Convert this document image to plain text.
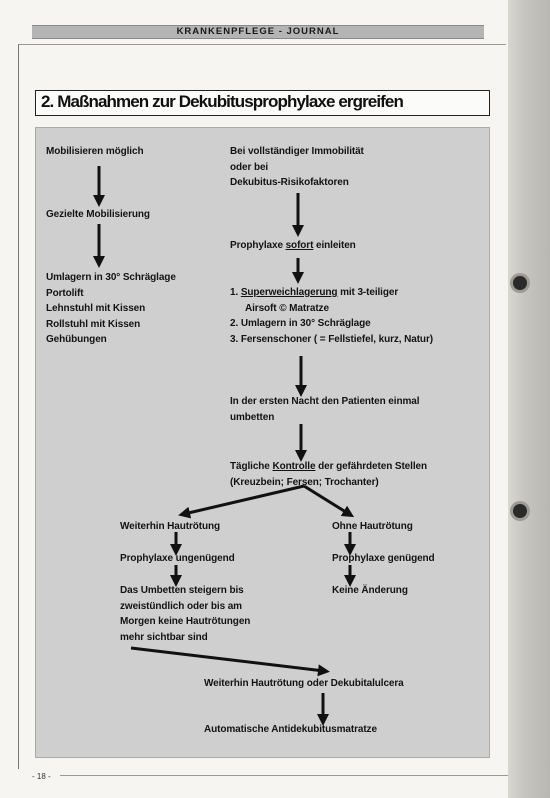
KRANKENPFLEGE - JOURNAL
2. Maßnahmen zur Dekubitusprophylaxe ergreifen
Mobilisieren möglich
Gezielte Mobilisierung
Umlagern in 30° Schräglage
Portolift
Lehnstuhl mit Kissen
Rollstuhl mit Kissen
Gehübungen
Bei vollständiger Immobilität
oder bei
Dekubitus-Risikofaktoren
Prophylaxe sofort einleiten
1. Superweichlagerung mit 3-teiliger
Airsoft © Matratze
2. Umlagern in 30° Schräglage
3. Fersenschoner ( = Fellstiefel, kurz, Natur)
In der ersten Nacht den Patienten einmal
umbetten
Tägliche Kontrolle der gefährdeten Stellen
(Kreuzbein; Fersen; Trochanter)
Weiterhin Hautrötung
Prophylaxe ungenügend
Das Umbetten steigern bis
zweistündlich oder bis am
Morgen keine Hautrötungen
mehr sichtbar sind
Ohne Hautrötung
Prophylaxe genügend
Keine Änderung
Weiterhin Hautrötung oder Dekubitalulcera
Automatische Antidekubitusmatratze
- 18 -
